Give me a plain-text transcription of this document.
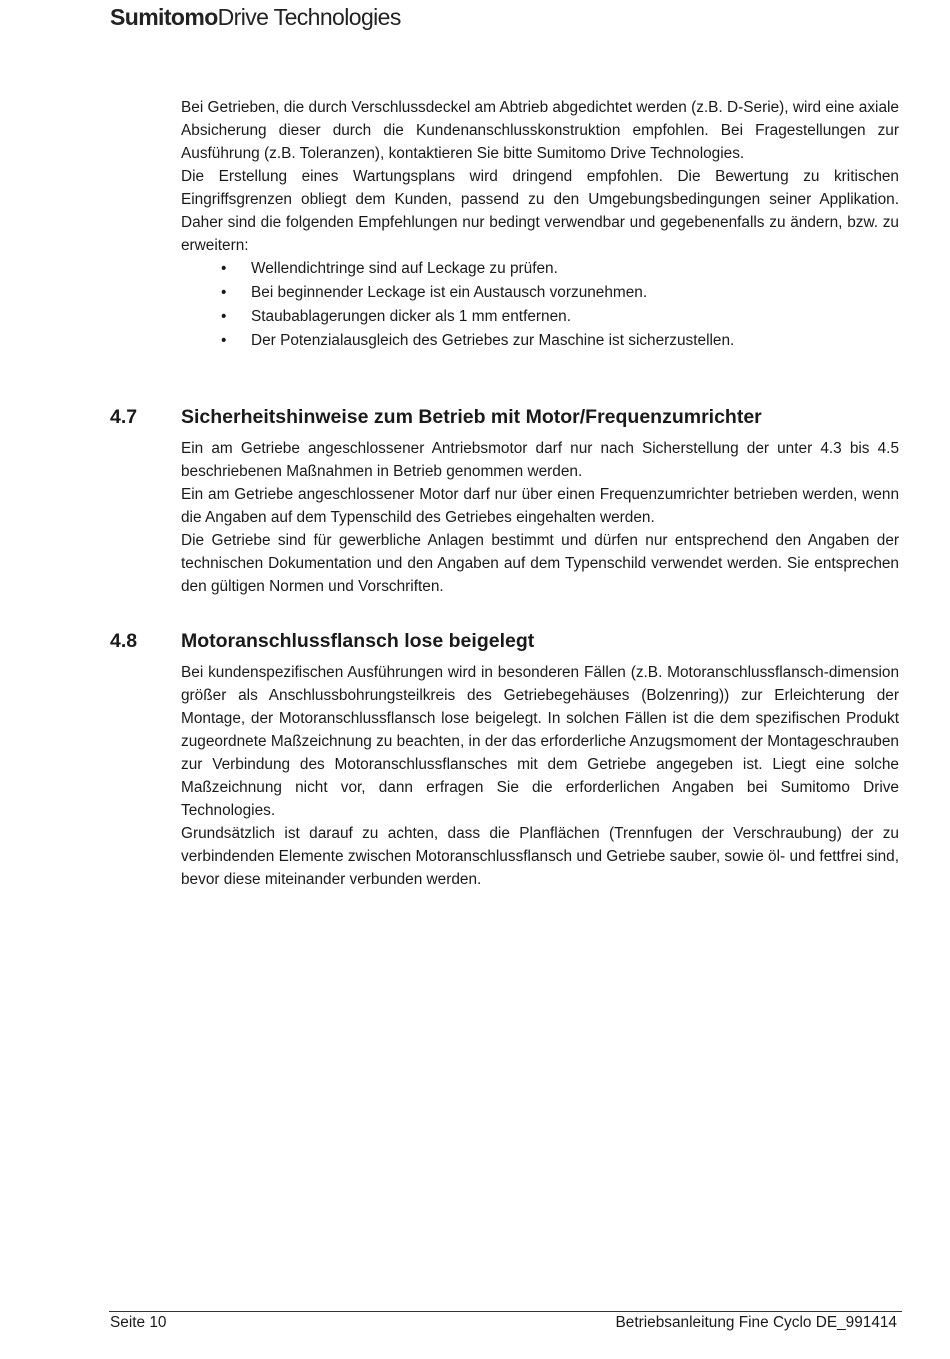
SumitomoDrive Technologies

Bei Getrieben, die durch Verschlussdeckel am Abtrieb abgedichtet werden (z.B. D-Serie), wird eine axiale Absicherung dieser durch die Kundenanschlusskonstruktion empfohlen. Bei Fragestellungen zur Ausführung (z.B. Toleranzen), kontaktieren Sie bitte Sumitomo Drive Technologies.

Die Erstellung eines Wartungsplans wird dringend empfohlen. Die Bewertung zu kritischen Eingriffsgrenzen obliegt dem Kunden, passend zu den Umgebungsbedingungen seiner Applikation. Daher sind die folgenden Empfehlungen nur bedingt verwendbar und gegebenenfalls zu ändern, bzw. zu erweitern:

• Wellendichtringe sind auf Leckage zu prüfen.
• Bei beginnender Leckage ist ein Austausch vorzunehmen.
• Staubablagerungen dicker als 1 mm entfernen.
• Der Potenzialausgleich des Getriebes zur Maschine ist sicherzustellen.
4.7	Sicherheitshinweise zum Betrieb mit Motor/Frequenzumrichter

Ein am Getriebe angeschlossener Antriebsmotor darf nur nach Sicherstellung der unter 4.3 bis 4.5 beschriebenen Maßnahmen in Betrieb genommen werden.

Ein am Getriebe angeschlossener Motor darf nur über einen Frequenzumrichter betrieben werden, wenn die Angaben auf dem Typenschild des Getriebes eingehalten werden.

Die Getriebe sind für gewerbliche Anlagen bestimmt und dürfen nur entsprechend den Angaben der technischen Dokumentation und den Angaben auf dem Typenschild verwendet werden. Sie entsprechen den gültigen Normen und Vorschriften.

4.8	Motoranschlussflansch lose beigelegt

Bei kundenspezifischen Ausführungen wird in besonderen Fällen (z.B. Motoranschlussflansch-dimension größer als Anschlussbohrungsteilkreis des Getriebegehäuses (Bolzenring)) zur Erleichterung der Montage, der Motoranschlussflansch lose beigelegt. In solchen Fällen ist die dem spezifischen Produkt zugeordnete Maßzeichnung zu beachten, in der das erforderliche Anzugsmoment der Montageschrauben zur Verbindung des Motoranschlussflansches mit dem Getriebe angegeben ist. Liegt eine solche Maßzeichnung nicht vor, dann erfragen Sie die erforderlichen Angaben bei Sumitomo Drive Technologies.

Grundsätzlich ist darauf zu achten, dass die Planflächen (Trennfugen der Verschraubung) der zu verbindenden Elemente zwischen Motoranschlussflansch und Getriebe sauber, sowie öl- und fettfrei sind, bevor diese miteinander verbunden werden.

Seite 10	Betriebsanleitung Fine Cyclo DE_991414
